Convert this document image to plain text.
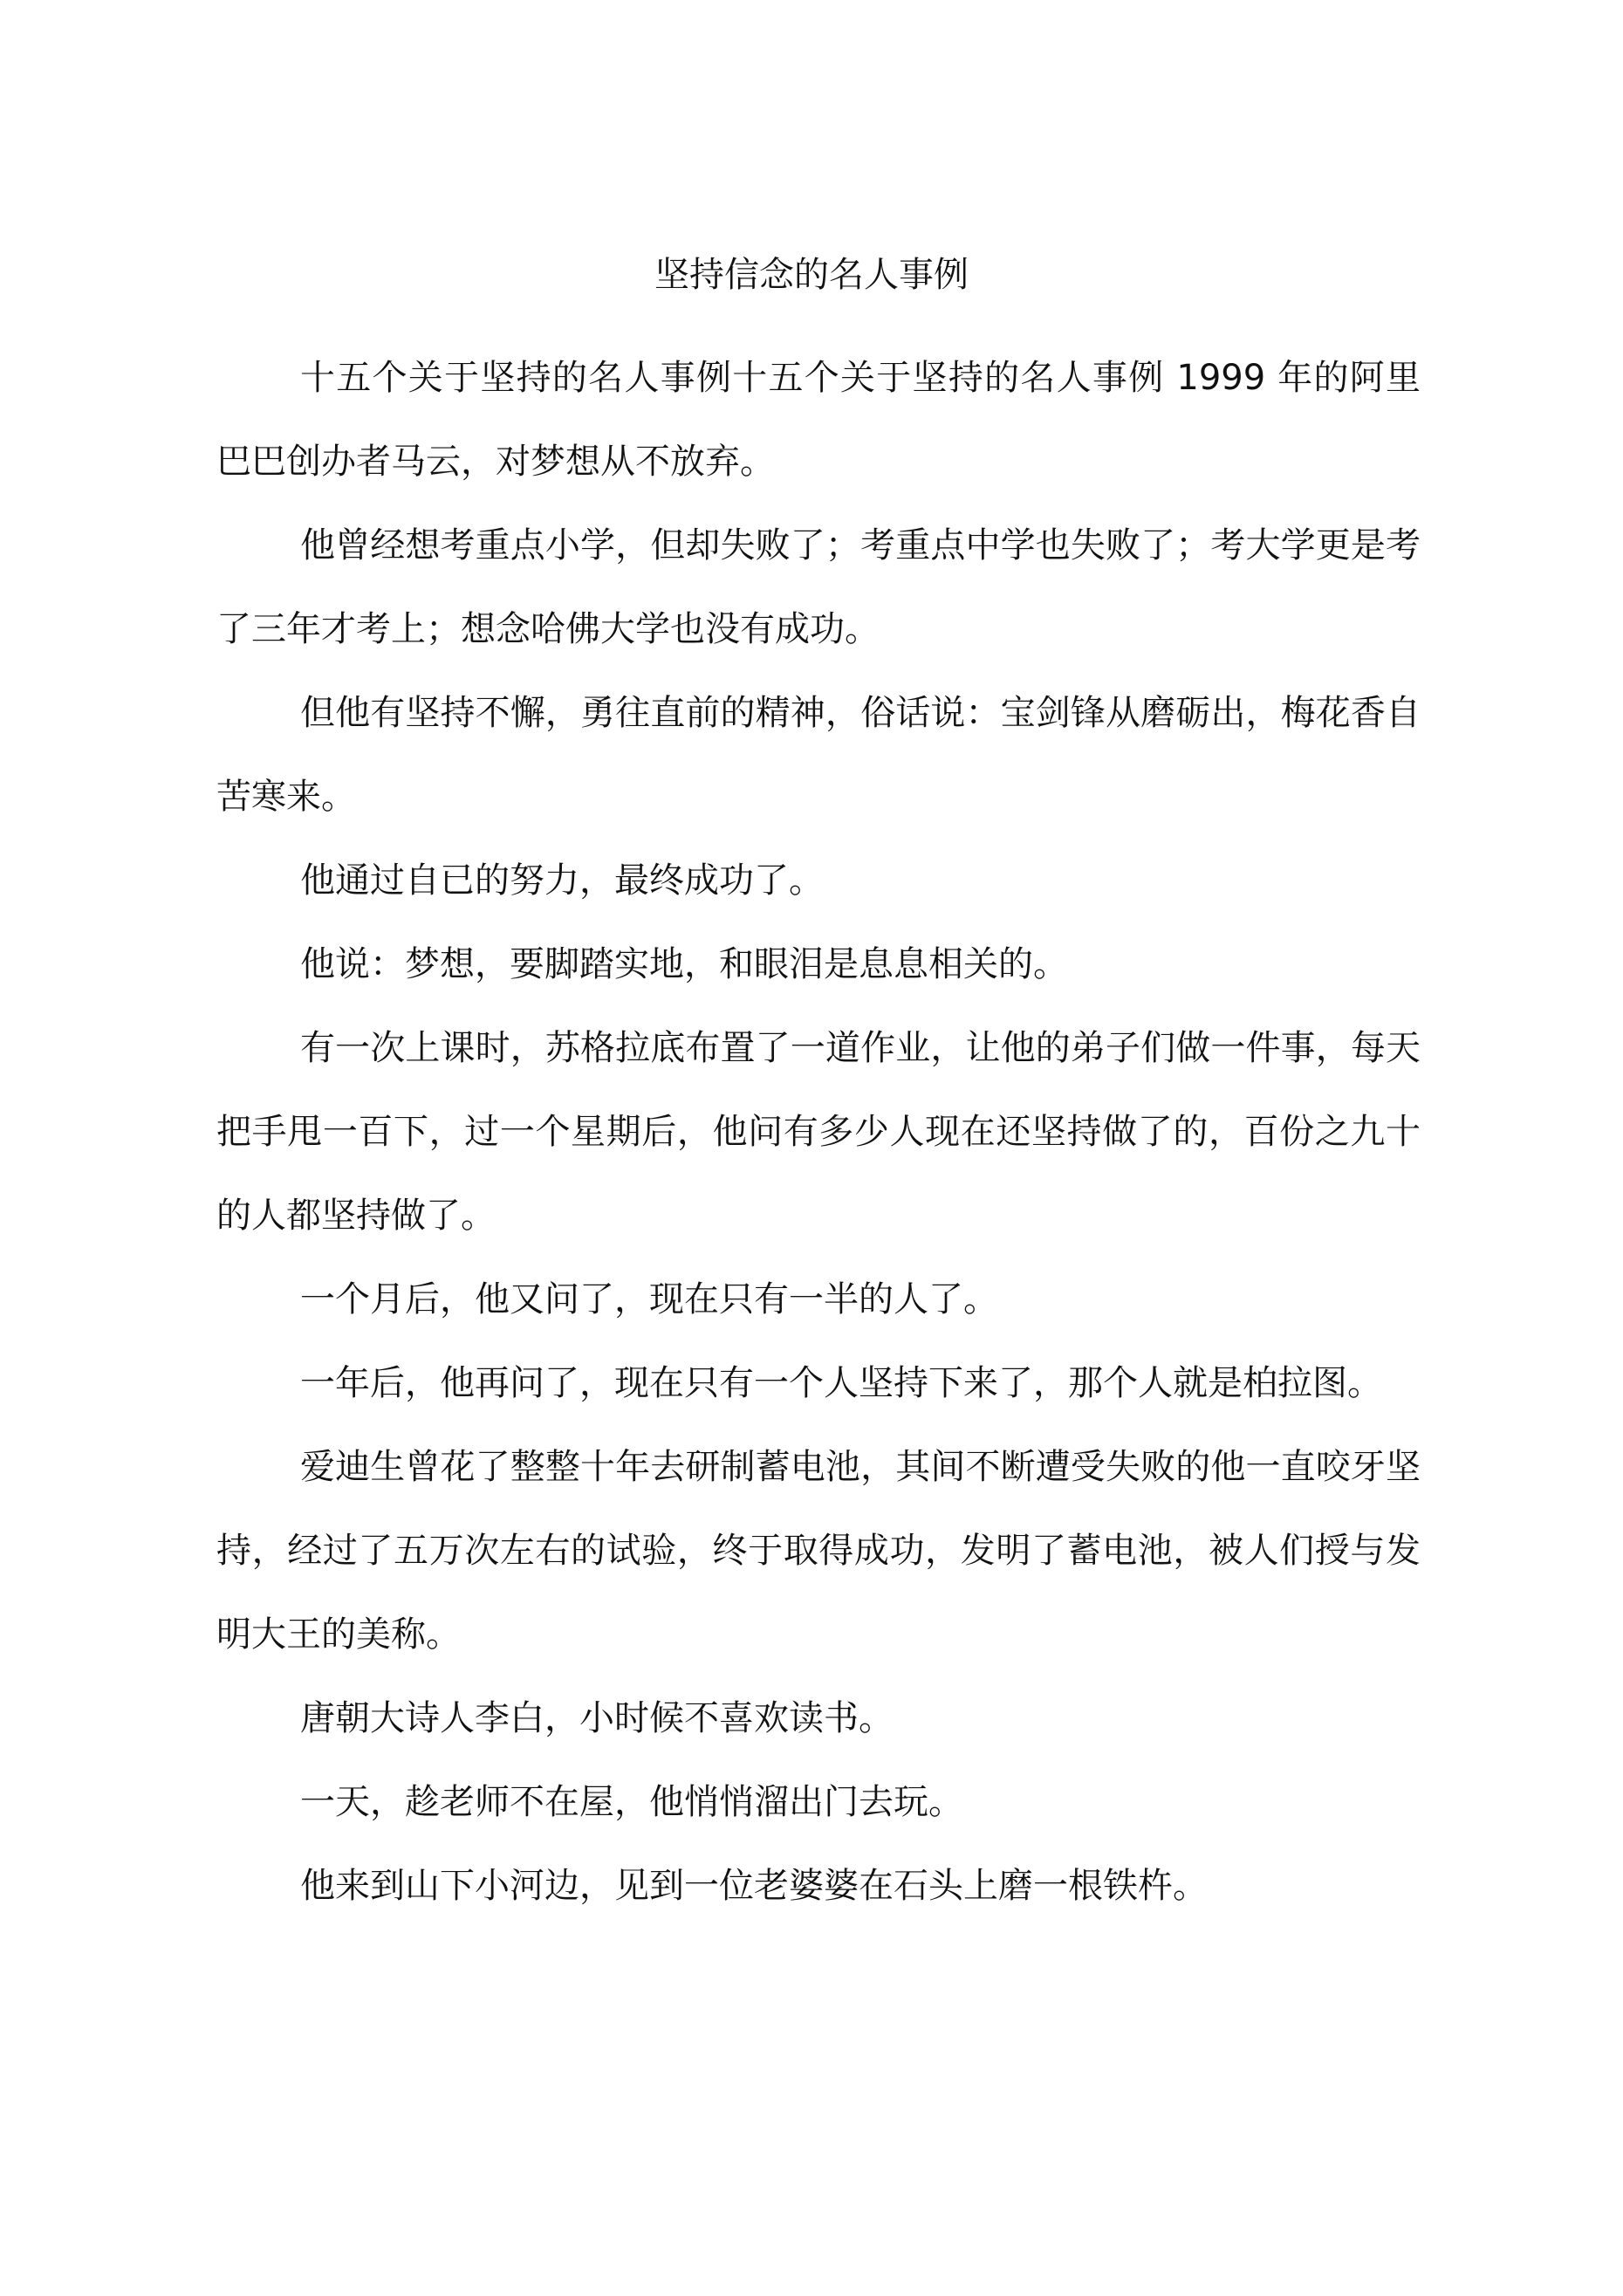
坚持信念的名人事例

十五个关于坚持的名人事例十五个关于坚持的名人事例 1999 年的阿里巴巴创办者马云，对梦想从不放弃。

他曾经想考重点小学，但却失败了；考重点中学也失败了；考大学更是考了三年才考上；想念哈佛大学也没有成功。

但他有坚持不懈，勇往直前的精神，俗话说：宝剑锋从磨砺出，梅花香自苦寒来。

他通过自已的努力，最终成功了。

他说：梦想，要脚踏实地，和眼泪是息息相关的。

有一次上课时，苏格拉底布置了一道作业，让他的弟子们做一件事，每天把手甩一百下，过一个星期后，他问有多少人现在还坚持做了的，百份之九十的人都坚持做了。

一个月后，他又问了，现在只有一半的人了。

一年后，他再问了，现在只有一个人坚持下来了，那个人就是柏拉图。

爱迪生曾花了整整十年去研制蓄电池，其间不断遭受失败的他一直咬牙坚持，经过了五万次左右的试验，终于取得成功，发明了蓄电池，被人们授与发明大王的美称。

唐朝大诗人李白，小时候不喜欢读书。

一天，趁老师不在屋，他悄悄溜出门去玩。

他来到山下小河边，见到一位老婆婆在石头上磨一根铁杵。
